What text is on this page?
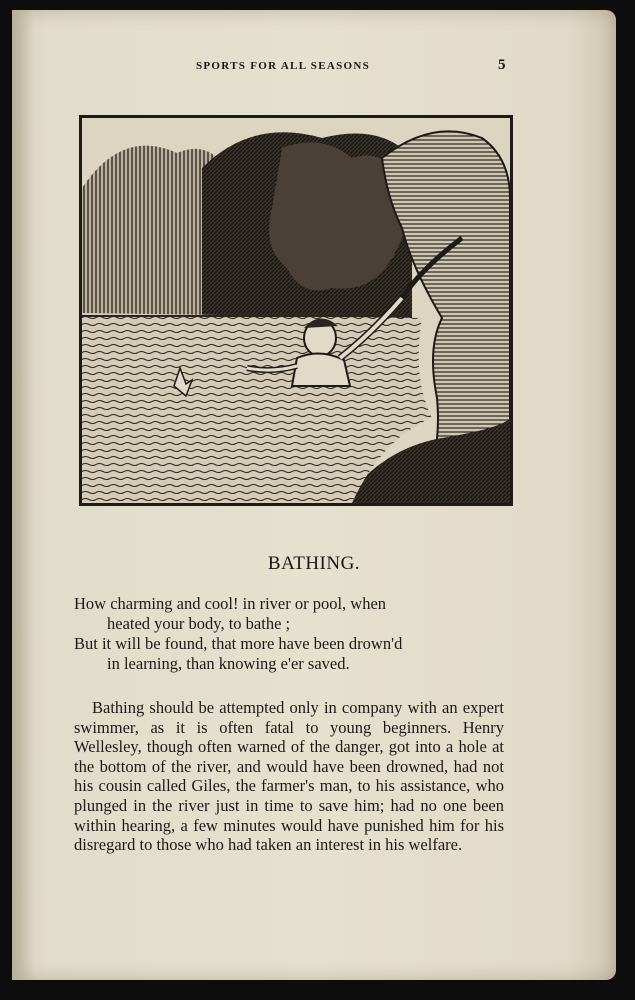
SPORTS FOR ALL SEASONS	5
BATHING.
How charming and cool! in river or pool, when
heated your body, to bathe ;
But it will be found, that more have been drown'd
in learning, than knowing e'er saved.
Bathing should be attempted only in company with an expert swimmer, as it is often fatal to young beginners. Henry Wellesley, though often warned of the danger, got into a hole at the bottom of the river, and would have been drowned, had not his cousin called Giles, the farmer's man, to his assistance, who plunged in the river just in time to save him; had no one been within hearing, a few minutes would have punished him for his disregard to those who had taken an interest in his welfare.
